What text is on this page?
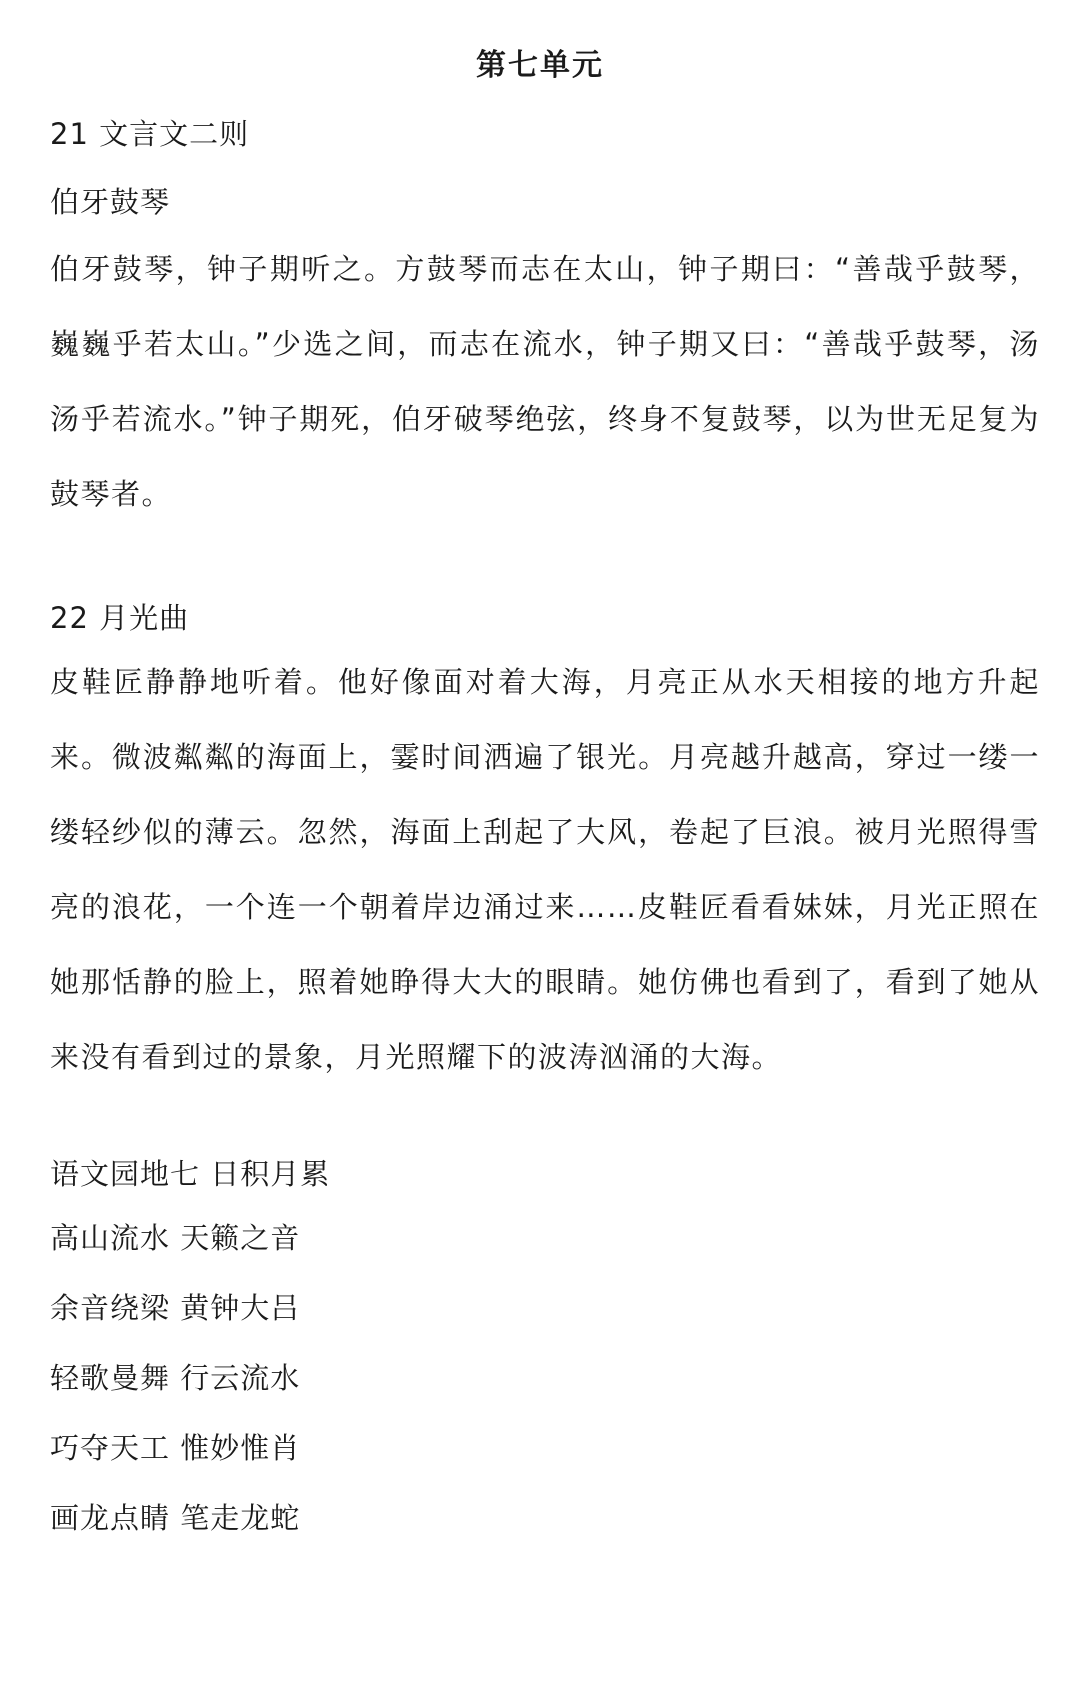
第七单元

21 文言文二则

伯牙鼓琴

伯牙鼓琴，钟子期听之。方鼓琴而志在太山，钟子期曰：“善哉乎鼓琴，巍巍乎若太山。”少选之间，而志在流水，钟子期又曰：“善哉乎鼓琴，汤汤乎若流水。”钟子期死，伯牙破琴绝弦，终身不复鼓琴，以为世无足复为鼓琴者。

22 月光曲

皮鞋匠静静地听着。他好像面对着大海，月亮正从水天相接的地方升起来。微波粼粼的海面上，霎时间洒遍了银光。月亮越升越高，穿过一缕一缕轻纱似的薄云。忽然，海面上刮起了大风，卷起了巨浪。被月光照得雪亮的浪花，一个连一个朝着岸边涌过来……皮鞋匠看看妹妹，月光正照在她那恬静的脸上，照着她睁得大大的眼睛。她仿佛也看到了，看到了她从来没有看到过的景象，月光照耀下的波涛汹涌的大海。

语文园地七 日积月累

高山流水 天籁之音
余音绕梁 黄钟大吕
轻歌曼舞 行云流水
巧夺天工 惟妙惟肖
画龙点睛 笔走龙蛇
